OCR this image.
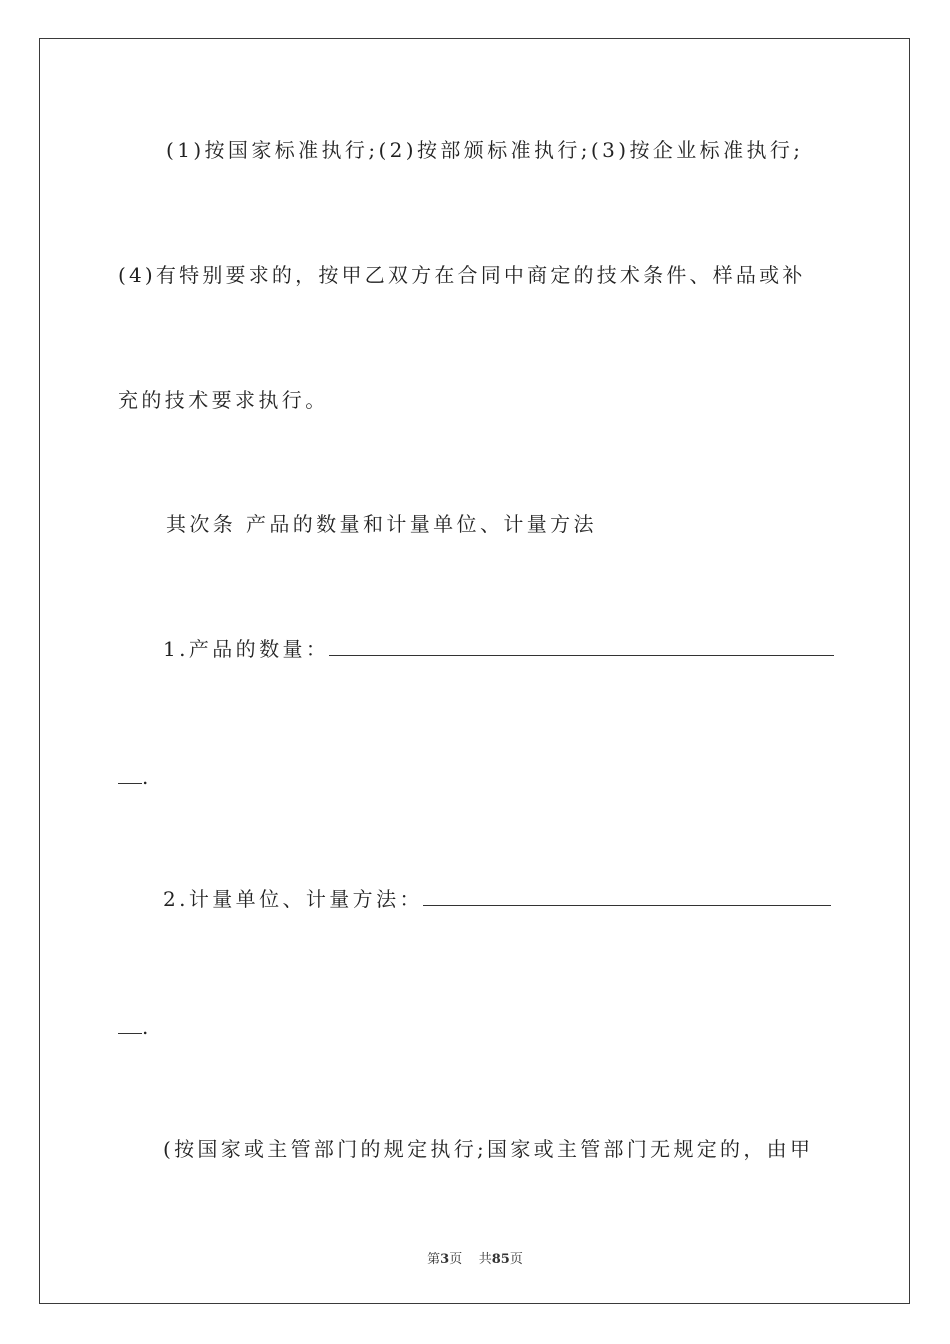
(1)按国家标准执行;(2)按部颁标准执行;(3)按企业标准执行;
(4)有特别要求的，按甲乙双方在合同中商定的技术条件、样品或补
充的技术要求执行。
其次条 产品的数量和计量单位、计量方法
1.产品的数量：
.
2.计量单位、计量方法：
.
(按国家或主管部门的规定执行;国家或主管部门无规定的，由甲
第3页 共85页
